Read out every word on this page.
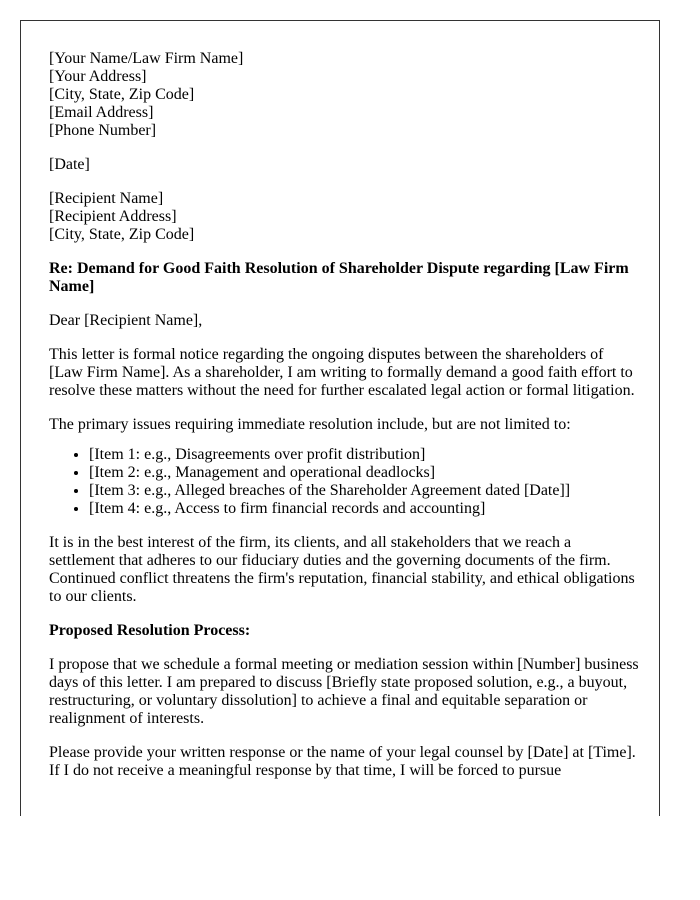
[Your Name/Law Firm Name]
[Your Address]
[City, State, Zip Code]
[Email Address]
[Phone Number]

[Date]

[Recipient Name]
[Recipient Address]
[City, State, Zip Code]

Re: Demand for Good Faith Resolution of Shareholder Dispute regarding [Law Firm Name]

Dear [Recipient Name],

This letter is formal notice regarding the ongoing disputes between the shareholders of [Law Firm Name]. As a shareholder, I am writing to formally demand a good faith effort to resolve these matters without the need for further escalated legal action or formal litigation.

The primary issues requiring immediate resolution include, but are not limited to:

• [Item 1: e.g., Disagreements over profit distribution]
• [Item 2: e.g., Management and operational deadlocks]
• [Item 3: e.g., Alleged breaches of the Shareholder Agreement dated [Date]]
• [Item 4: e.g., Access to firm financial records and accounting]

It is in the best interest of the firm, its clients, and all stakeholders that we reach a settlement that adheres to our fiduciary duties and the governing documents of the firm. Continued conflict threatens the firm's reputation, financial stability, and ethical obligations to our clients.

Proposed Resolution Process:

I propose that we schedule a formal meeting or mediation session within [Number] business days of this letter. I am prepared to discuss [Briefly state proposed solution, e.g., a buyout, restructuring, or voluntary dissolution] to achieve a final and equitable separation or realignment of interests.

Please provide your written response or the name of your legal counsel by [Date] at [Time]. If I do not receive a meaningful response by that time, I will be forced to pursue
